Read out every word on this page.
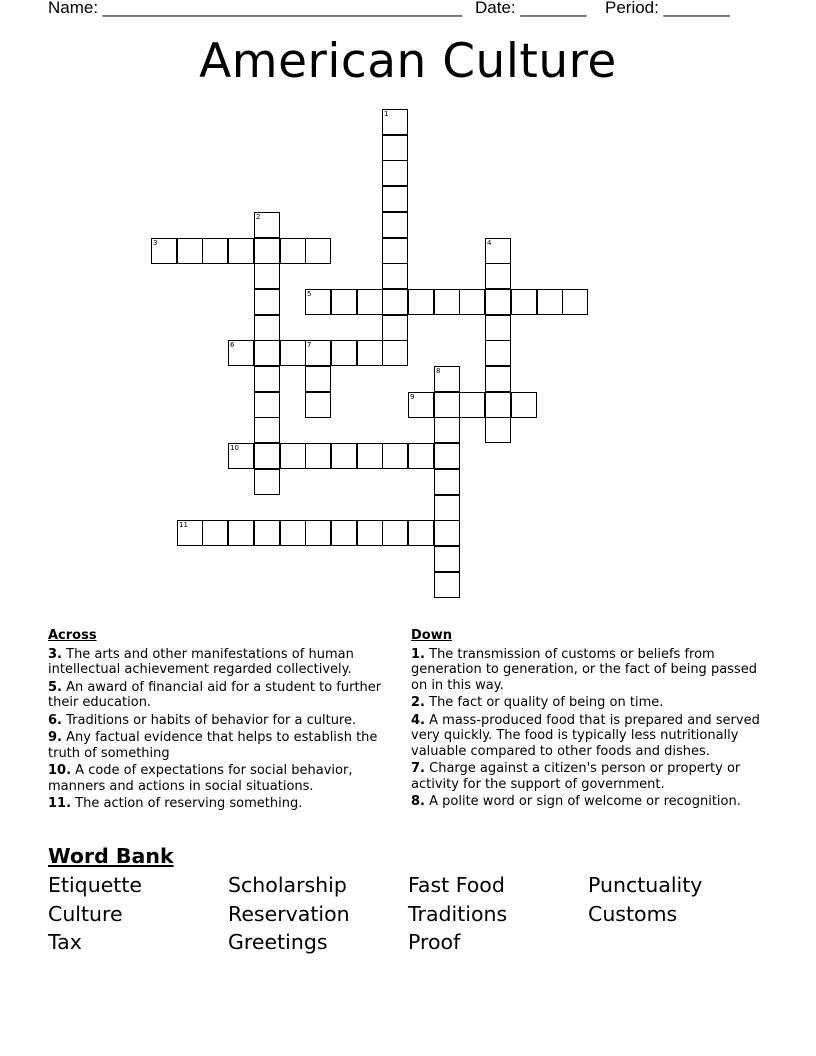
Name: ______________________________________ Date: _______ Period: _______
American Culture
1
2
3	4
5
6	7
8
9
10
11
Across
3. The arts and other manifestations of human intellectual achievement regarded collectively.
5. An award of financial aid for a student to further their education.
6. Traditions or habits of behavior for a culture.
9. Any factual evidence that helps to establish the truth of something
10. A code of expectations for social behavior, manners and actions in social situations.
11. The action of reserving something.
Down
1. The transmission of customs or beliefs from generation to generation, or the fact of being passed on in this way.
2. The fact or quality of being on time.
4. A mass-produced food that is prepared and served very quickly. The food is typically less nutritionally valuable compared to other foods and dishes.
7. Charge against a citizen's person or property or activity for the support of government.
8. A polite word or sign of welcome or recognition.
Word Bank
Etiquette	Scholarship	Fast Food	Punctuality
Culture	Reservation	Traditions	Customs
Tax	Greetings	Proof
